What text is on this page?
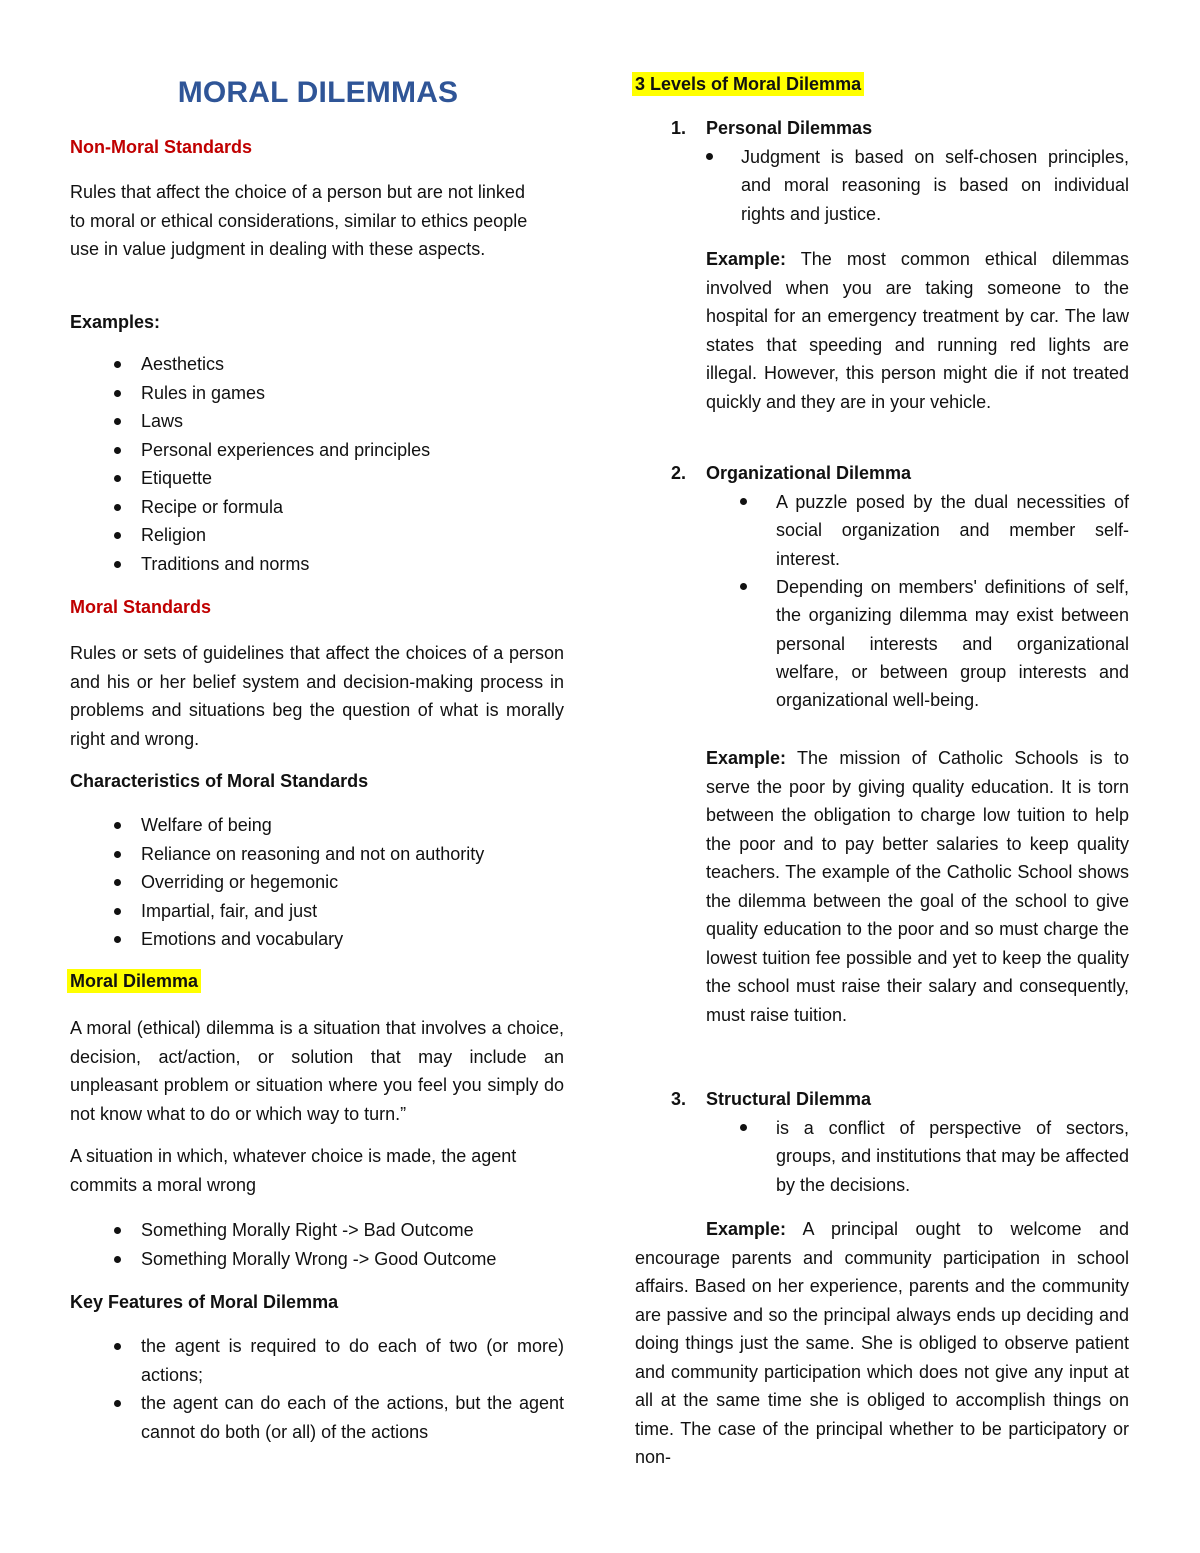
MORAL DILEMMAS
Non-Moral Standards
Rules that affect the choice of a person but are not linked to moral or ethical considerations, similar to ethics people use in value judgment in dealing with these aspects.
Examples:
Aesthetics
Rules in games
Laws
Personal experiences and principles
Etiquette
Recipe or formula
Religion
Traditions and norms
Moral Standards
Rules or sets of guidelines that affect the choices of a person and his or her belief system and decision-making process in problems and situations beg the question of what is morally right and wrong.
Characteristics of Moral Standards
Welfare of being
Reliance on reasoning and not on authority
Overriding or hegemonic
Impartial, fair, and just
Emotions and vocabulary
Moral Dilemma
A moral (ethical) dilemma is a situation that involves a choice, decision, act/action, or solution that may include an unpleasant problem or situation where you feel you simply do not know what to do or which way to turn.”
A situation in which, whatever choice is made, the agent commits a moral wrong
Something Morally Right -> Bad Outcome
Something Morally Wrong -> Good Outcome
Key Features of Moral Dilemma
the agent is required to do each of two (or more) actions;
the agent can do each of the actions, but the agent cannot do both (or all) of the actions
3 Levels of Moral Dilemma
1. Personal Dilemmas
Judgment is based on self-chosen principles, and moral reasoning is based on individual rights and justice.
Example: The most common ethical dilemmas involved when you are taking someone to the hospital for an emergency treatment by car. The law states that speeding and running red lights are illegal. However, this person might die if not treated quickly and they are in your vehicle.
2. Organizational Dilemma
A puzzle posed by the dual necessities of social organization and member self-interest.
Depending on members' definitions of self, the organizing dilemma may exist between personal interests and organizational welfare, or between group interests and organizational well-being.
Example: The mission of Catholic Schools is to serve the poor by giving quality education. It is torn between the obligation to charge low tuition to help the poor and to pay better salaries to keep quality teachers. The example of the Catholic School shows the dilemma between the goal of the school to give quality education to the poor and so must charge the lowest tuition fee possible and yet to keep the quality the school must raise their salary and consequently, must raise tuition.
3. Structural Dilemma
is a conflict of perspective of sectors, groups, and institutions that may be affected by the decisions.
Example: A principal ought to welcome and encourage parents and community participation in school affairs. Based on her experience, parents and the community are passive and so the principal always ends up deciding and doing things just the same. She is obliged to observe patient and community participation which does not give any input at all at the same time she is obliged to accomplish things on time. The case of the principal whether to be participatory or non-
